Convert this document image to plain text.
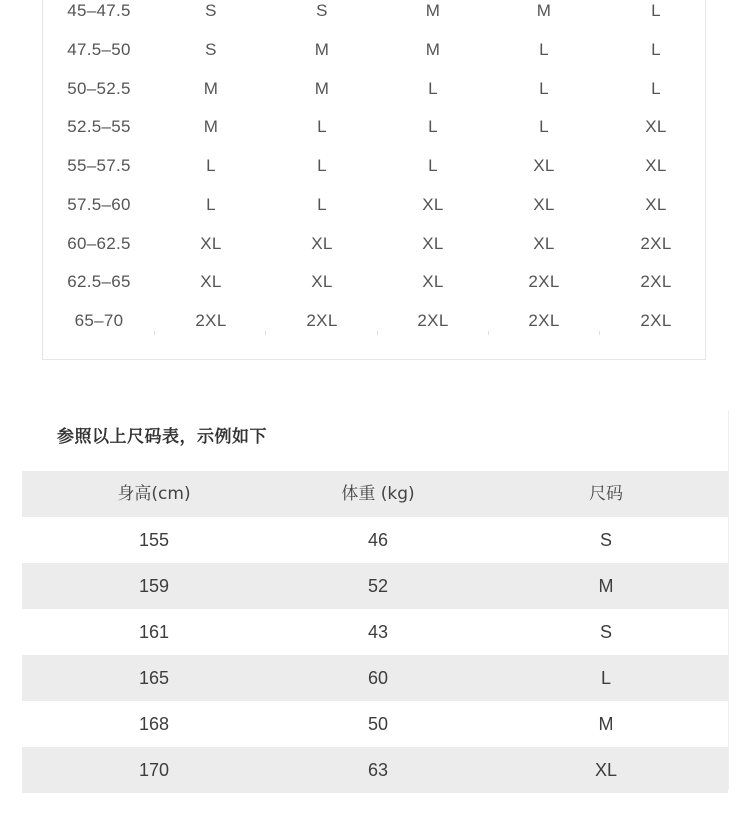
45–47.5	S	S	M	M	L
47.5–50	S	M	M	L	L
50–52.5	M	M	L	L	L
52.5–55	M	L	L	L	XL
55–57.5	L	L	L	XL	XL
57.5–60	L	L	XL	XL	XL
60–62.5	XL	XL	XL	XL	2XL
62.5–65	XL	XL	XL	2XL	2XL
65–70	2XL	2XL	2XL	2XL	2XL
参照以上尺码表，示例如下
身高(cm)	体重 (kg)	尺码
155	46	S
159	52	M
161	43	S
165	60	L
168	50	M
170	63	XL
